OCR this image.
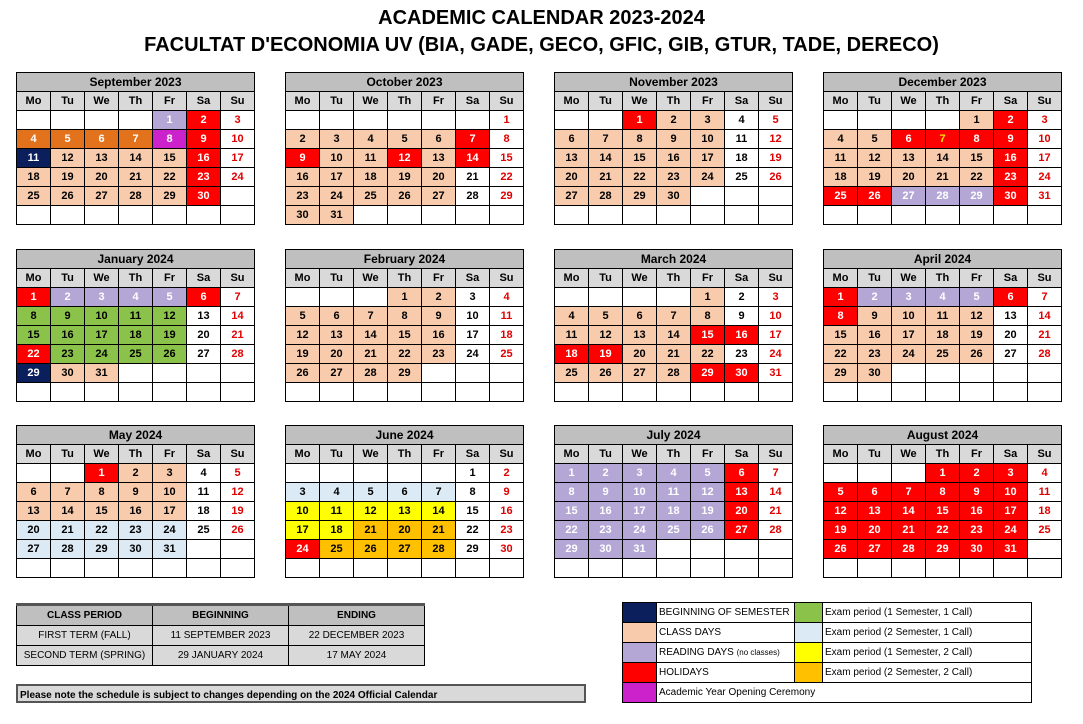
ACADEMIC CALENDAR 2023-2024
FACULTAT D'ECONOMIA UV (BIA, GADE, GECO, GFIC, GIB, GTUR, TADE, DERECO)
September 2023						
Mo	Tu	We	Th	Fr	Sa	Su
				1	2	3
4	5	6	7	8	9	10
11	12	13	14	15	16	17
18	19	20	21	22	23	24
25	26	27	28	29	30	

October 2023						
Mo	Tu	We	Th	Fr	Sa	Su
						1
2	3	4	5	6	7	8
9	10	11	12	13	14	15
16	17	18	19	20	21	22
23	24	25	26	27	28	29
30	31					
November 2023						
Mo	Tu	We	Th	Fr	Sa	Su
		1	2	3	4	5
6	7	8	9	10	11	12
13	14	15	16	17	18	19
20	21	22	23	24	25	26
27	28	29	30			

December 2023						
Mo	Tu	We	Th	Fr	Sa	Su
				1	2	3
4	5	6	7	8	9	10
11	12	13	14	15	16	17
18	19	20	21	22	23	24
25	26	27	28	29	30	31

January 2024						
Mo	Tu	We	Th	Fr	Sa	Su
1	2	3	4	5	6	7
8	9	10	11	12	13	14
15	16	17	18	19	20	21
22	23	24	25	26	27	28
29	30	31				

February 2024						
Mo	Tu	We	Th	Fr	Sa	Su
			1	2	3	4
5	6	7	8	9	10	11
12	13	14	15	16	17	18
19	20	21	22	23	24	25
26	27	28	29			

March 2024						
Mo	Tu	We	Th	Fr	Sa	Su
				1	2	3
4	5	6	7	8	9	10
11	12	13	14	15	16	17
18	19	20	21	22	23	24
25	26	27	28	29	30	31

April 2024						
Mo	Tu	We	Th	Fr	Sa	Su
1	2	3	4	5	6	7
8	9	10	11	12	13	14
15	16	17	18	19	20	21
22	23	24	25	26	27	28
29	30					

May 2024						
Mo	Tu	We	Th	Fr	Sa	Su
		1	2	3	4	5
6	7	8	9	10	11	12
13	14	15	16	17	18	19
20	21	22	23	24	25	26
27	28	29	30	31		

June 2024						
Mo	Tu	We	Th	Fr	Sa	Su
					1	2
3	4	5	6	7	8	9
10	11	12	13	14	15	16
17	18	21	20	21	22	23
24	25	26	27	28	29	30

July 2024						
Mo	Tu	We	Th	Fr	Sa	Su
1	2	3	4	5	6	7
8	9	10	11	12	13	14
15	16	17	18	19	20	21
22	23	24	25	26	27	28
29	30	31				

August 2024						
Mo	Tu	We	Th	Fr	Sa	Su
			1	2	3	4
5	6	7	8	9	10	11
12	13	14	15	16	17	18
19	20	21	22	23	24	25
26	27	28	29	30	31	

CLASS PERIOD	BEGINNING	ENDING
FIRST TERM (FALL)	11 SEPTEMBER 2023	22 DECEMBER 2023
SECOND TERM (SPRING)	29 JANUARY 2024	17 MAY 2024
Please note the schedule is subject to changes depending on the 2024 Official Calendar
	BEGINNING OF SEMESTER		Exam period (1 Semester, 1 Call)
	CLASS DAYS		Exam period (2 Semester, 1 Call)
	READING DAYS (no classes)		Exam period (1 Semester, 2 Call)
	HOLIDAYS		Exam period (2 Semester, 2 Call)
	Academic Year Opening Ceremony		
